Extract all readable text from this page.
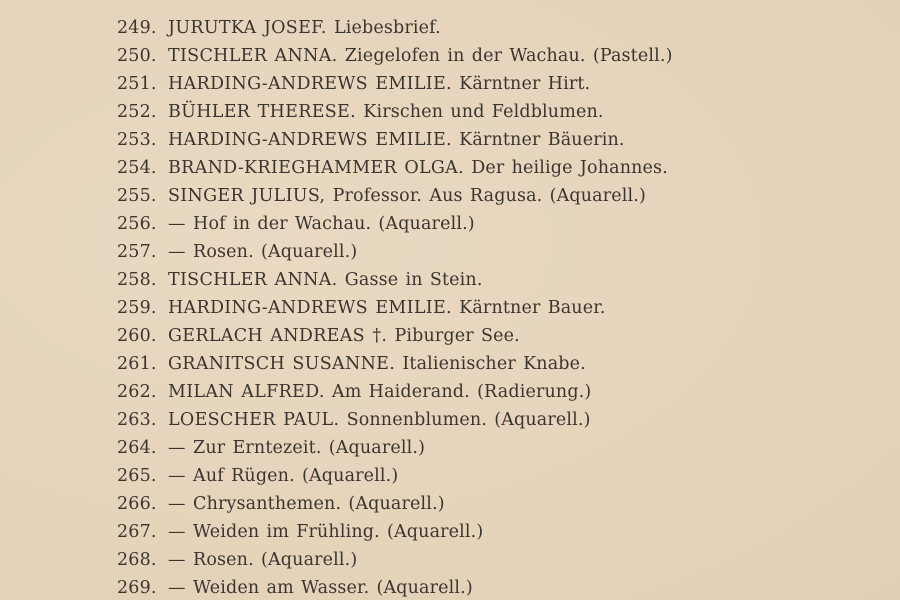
249. JURUTKA JOSEF. Liebesbrief.
250. TISCHLER ANNA. Ziegelofen in der Wachau. (Pastell.)
251. HARDING-ANDREWS EMILIE. Kärntner Hirt.
252. BÜHLER THERESE. Kirschen und Feldblumen.
253. HARDING-ANDREWS EMILIE. Kärntner Bäuerin.
254. BRAND-KRIEGHAMMER OLGA. Der heilige Johannes.
255. SINGER JULIUS, Professor. Aus Ragusa. (Aquarell.)
256. — Hof in der Wachau. (Aquarell.)
257. — Rosen. (Aquarell.)
258. TISCHLER ANNA. Gasse in Stein.
259. HARDING-ANDREWS EMILIE. Kärntner Bauer.
260. GERLACH ANDREAS †. Piburger See.
261. GRANITSCH SUSANNE. Italienischer Knabe.
262. MILAN ALFRED. Am Haiderand. (Radierung.)
263. LOESCHER PAUL. Sonnenblumen. (Aquarell.)
264. — Zur Erntezeit. (Aquarell.)
265. — Auf Rügen. (Aquarell.)
266. — Chrysanthemen. (Aquarell.)
267. — Weiden im Frühling. (Aquarell.)
268. — Rosen. (Aquarell.)
269. — Weiden am Wasser. (Aquarell.)
